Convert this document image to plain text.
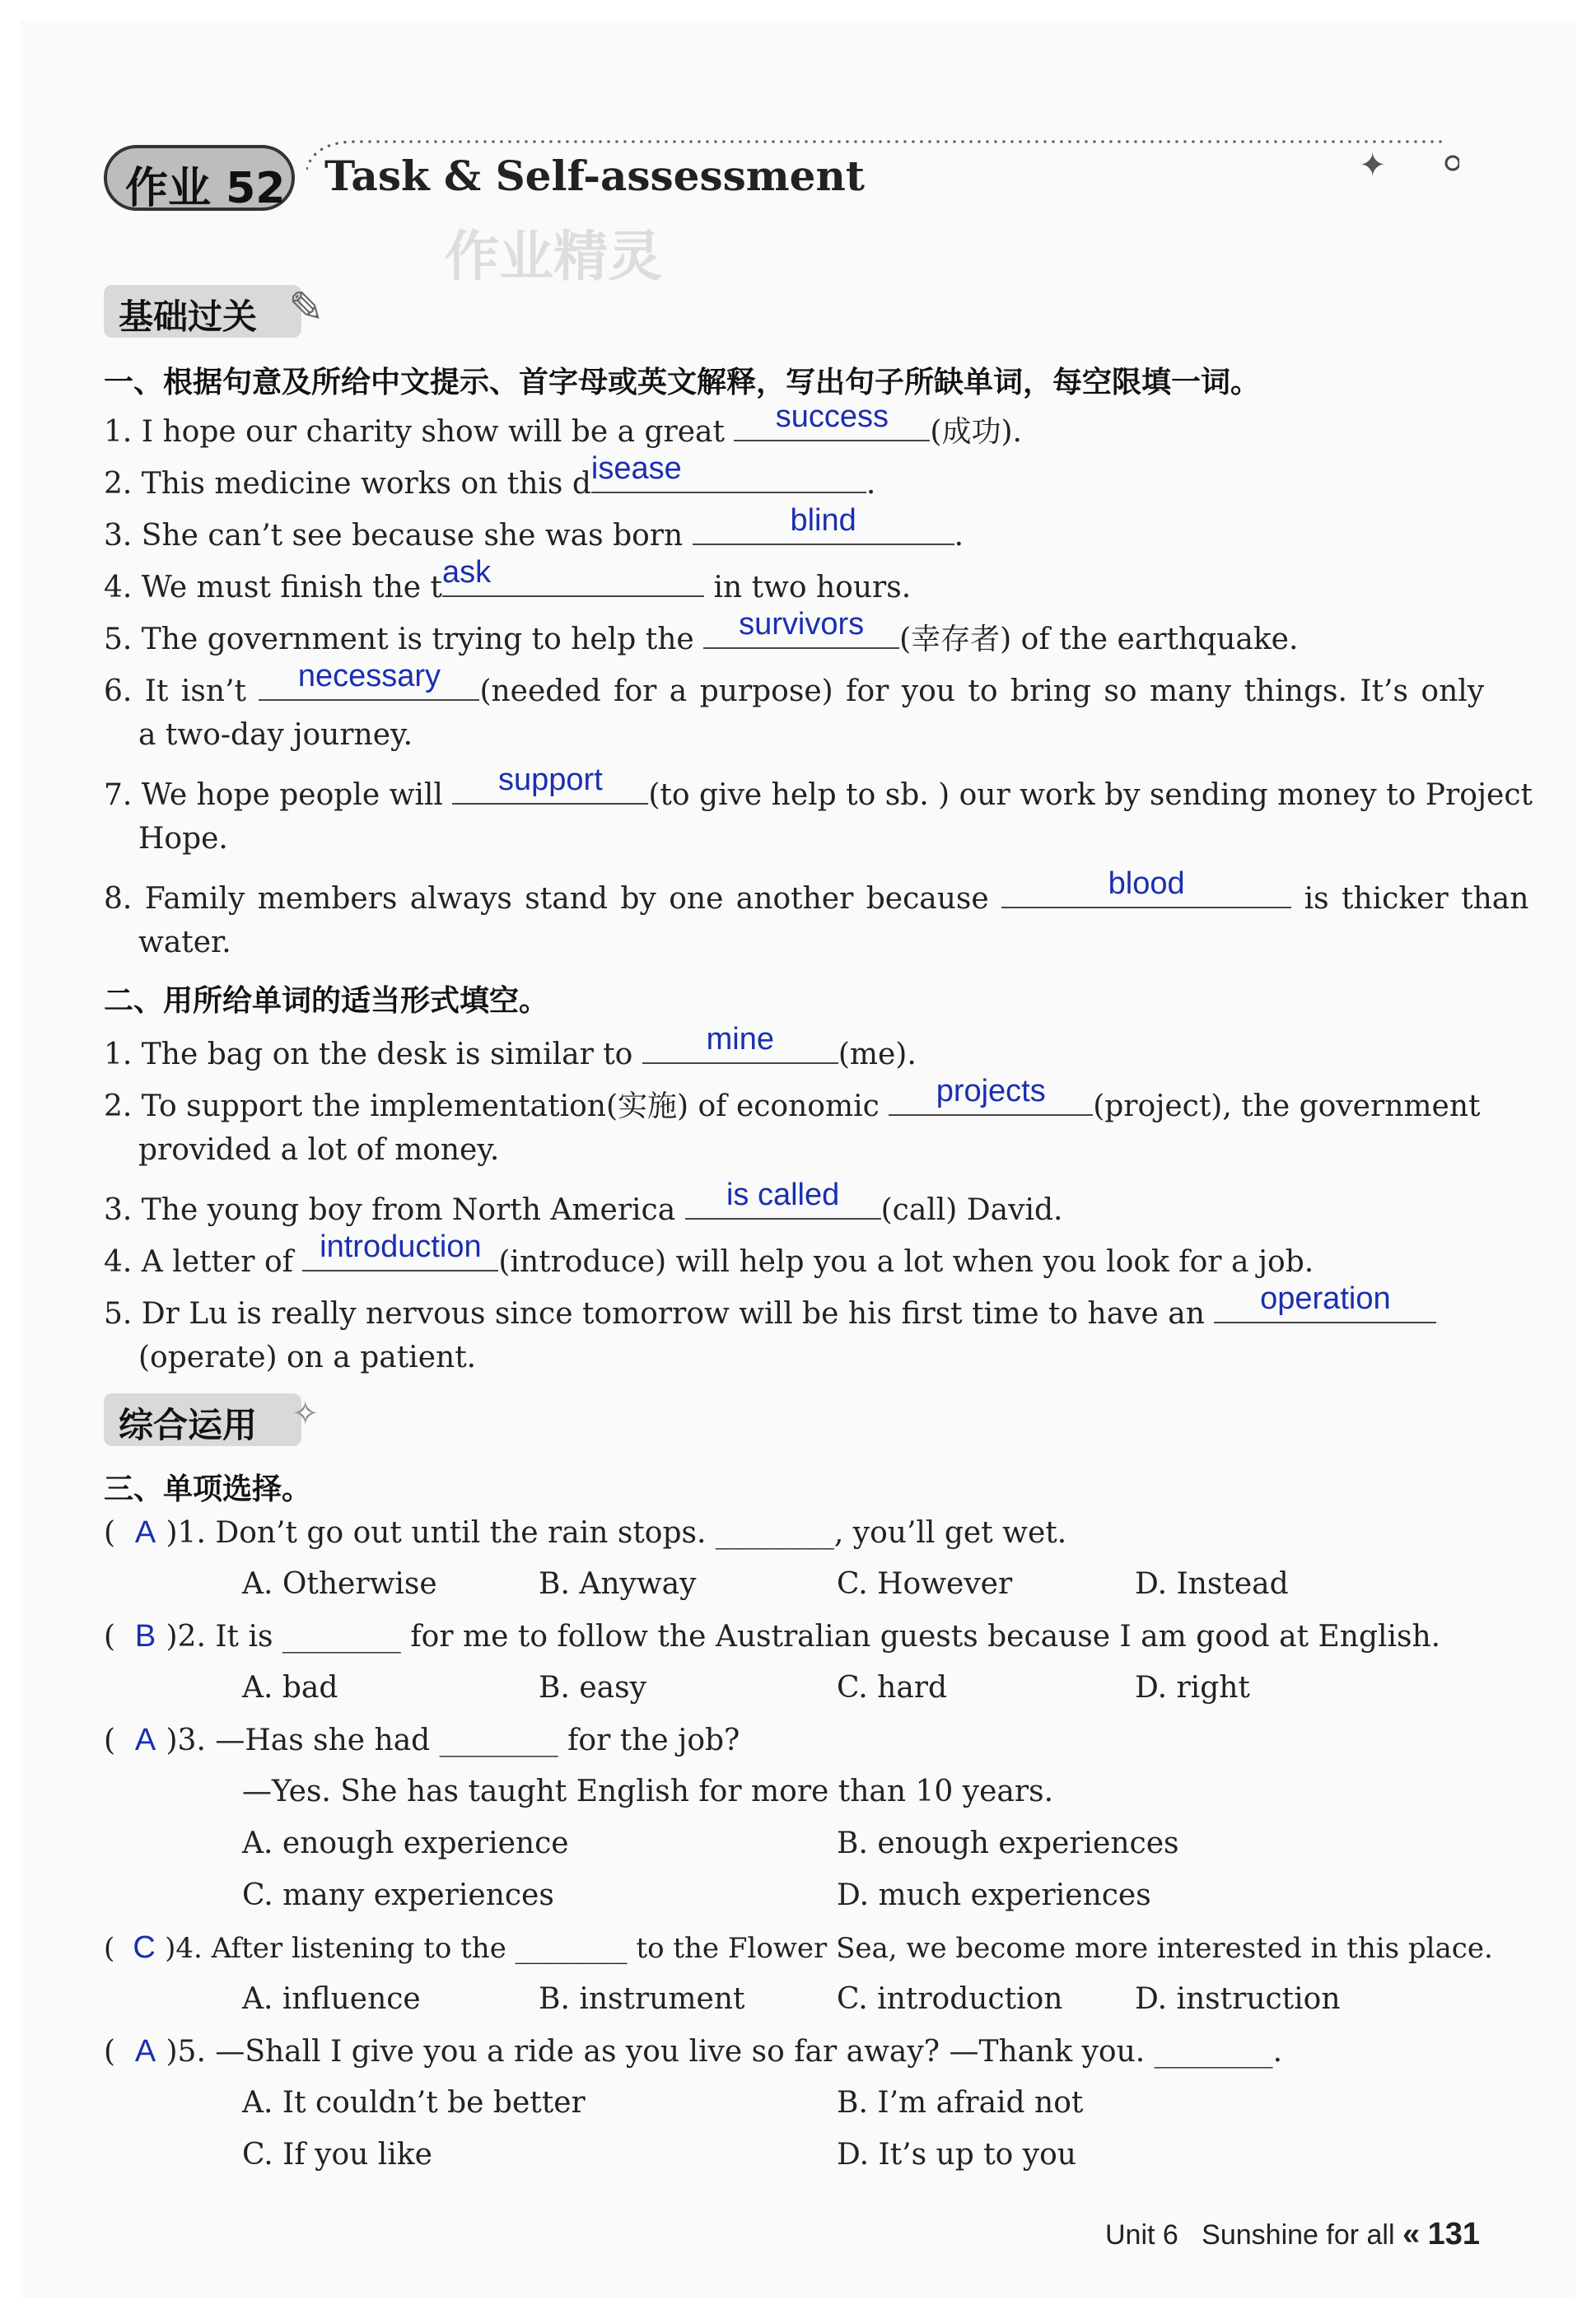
作业 52 Task & Self-assessment	✦
作业精灵
基础过关 ✎
一、根据句意及所给中文提示、首字母或英文解释，写出句子所缺单词，每空限填一词。
1. I hope our charity show will be a great	success	(成功).
2. This medicine works on this d isease	.
3. She can’t see because she was born	blind	.
4. We must finish the t ask	in two hours.
5. The government is trying to help the	survivors	(幸存者) of the earthquake.
6. It isn’t	necessary	(needed for a purpose) for you to bring so many things. It’s only
a two-day journey.
7. We hope people will	support	(to give help to sb. ) our work by sending money to Project
Hope.
8. Family members always stand by one another because	blood	is thicker than
water.
二、用所给单词的适当形式填空。
1. The bag on the desk is similar to	mine	(me).
2. To support the implementation(实施) of economic	projects	(project), the government
provided a lot of money.
3. The young boy from North America	is called	(call) David.
4. A letter of introduction (introduce) will help you a lot when you look for a job.
5. Dr Lu is really nervous since tomorrow will be his first time to have an	operation
(operate) on a patient.
综合运用 ✧
三、单项选择。
( A )1. Don’t go out until the rain stops. ________, you’ll get wet.
A. Otherwise	B. Anyway	C. However	D. Instead
( B )2. It is ________ for me to follow the Australian guests because I am good at English.
A. bad	B. easy	C. hard	D. right
( A )3. —Has she had ________ for the job?
—Yes. She has taught English for more than 10 years.
A. enough experience	B. enough experiences
C. many experiences	D. much experiences
( C )4. After listening to the ________ to the Flower Sea, we become more interested in this place.
A. influence	B. instrument	C. introduction D. instruction
( A )5. —Shall I give you a ride as you live so far away? —Thank you. ________.
A. It couldn’t be better	B. I’m afraid not
C. If you like	D. It’s up to you
Unit 6 Sunshine for all « 131
